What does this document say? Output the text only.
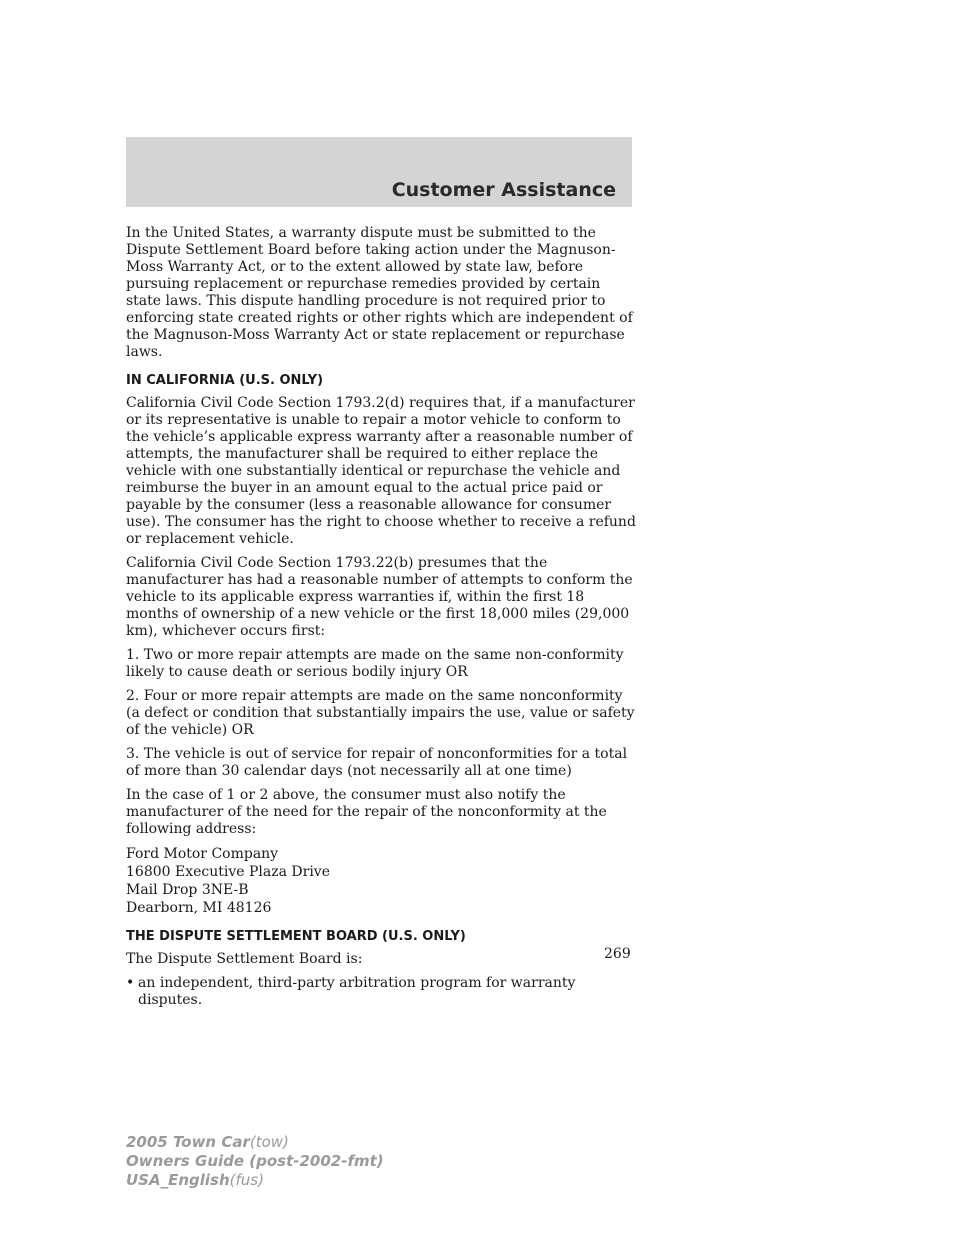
Customer Assistance

In the United States, a warranty dispute must be submitted to the Dispute Settlement Board before taking action under the Magnuson-Moss Warranty Act, or to the extent allowed by state law, before pursuing replacement or repurchase remedies provided by certain state laws. This dispute handling procedure is not required prior to enforcing state created rights or other rights which are independent of the Magnuson-Moss Warranty Act or state replacement or repurchase laws.

IN CALIFORNIA (U.S. ONLY)

California Civil Code Section 1793.2(d) requires that, if a manufacturer or its representative is unable to repair a motor vehicle to conform to the vehicle’s applicable express warranty after a reasonable number of attempts, the manufacturer shall be required to either replace the vehicle with one substantially identical or repurchase the vehicle and reimburse the buyer in an amount equal to the actual price paid or payable by the consumer (less a reasonable allowance for consumer use). The consumer has the right to choose whether to receive a refund or replacement vehicle.

California Civil Code Section 1793.22(b) presumes that the manufacturer has had a reasonable number of attempts to conform the vehicle to its applicable express warranties if, within the first 18 months of ownership of a new vehicle or the first 18,000 miles (29,000 km), whichever occurs first:

1. Two or more repair attempts are made on the same non-conformity likely to cause death or serious bodily injury OR

2. Four or more repair attempts are made on the same nonconformity (a defect or condition that substantially impairs the use, value or safety of the vehicle) OR

3. The vehicle is out of service for repair of nonconformities for a total of more than 30 calendar days (not necessarily all at one time)

In the case of 1 or 2 above, the consumer must also notify the manufacturer of the need for the repair of the nonconformity at the following address:

Ford Motor Company
16800 Executive Plaza Drive
Mail Drop 3NE-B
Dearborn, MI 48126
THE DISPUTE SETTLEMENT BOARD (U.S. ONLY)

The Dispute Settlement Board is:

• an independent, third-party arbitration program for warranty disputes.
269
2005 Town Car(tow)
Owners Guide (post-2002-fmt)
USA_English(fus)
